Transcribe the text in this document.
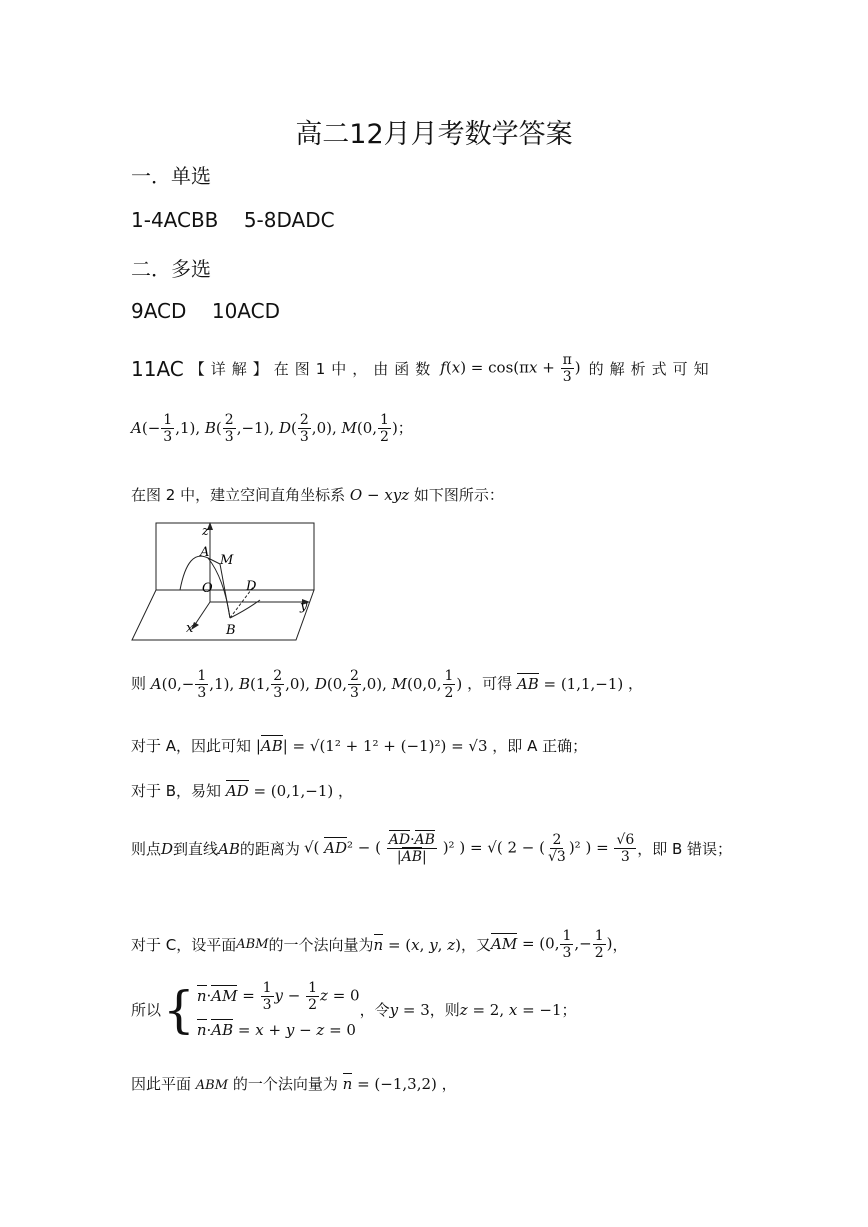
高二12月月考数学答案
一．单选
1-4ACBB    5-8DADC
二．多选
9ACD    10ACD
11AC 【详解】在图1中，由函数 $f(x) = \cos(\pi x + \frac{\pi}{3}$ ) 的解析式可知
$A(- \frac{1}{3} ,1)$, $B( \frac{2}{3} ,-1)$, $D( \frac{2}{3} ,0)$, M(0, $\frac{1}{2}$ )；
在图 2 中，建立空间直角坐标系 O − xyz 如下图所示：
z
A
M
O	D
y
x	B
则 $A(0,- \frac{1}{3} ,1)$, B(1, $\frac{2}{3} ,0$), D(0, $\frac{2}{3} ,0$), M(0,0, $\frac{1}{2}$ ) ，可得 AB = (1,1,−1) ，
对于 A，因此可知 |AB| = √(1² + 1² + (−1)²) = √3 ，即 A 正确；
对于 B，易知 AD = (0,1,−1) ，
则点 D 到直线 AB 的距离为 √( AD² − ( $\frac{AD\cdot AB}{|AB|} )^2$ ) = √( 2 − ( $\frac{2}{√3} )^2$ ) = $\frac{√6}{3}$ ，即 B 错误；
对于 C，设平面 ABM 的一个法向量为 n = (x, y, z) ，又 AM = (0, $\frac{1}{3}$ ,− $\frac{1}{2}$ ) ，
所以 { $n\cdot AM = \frac{1}{3}$ $y - \frac{1}{2}$ z = 0
n·AB = x + y − z = 0
，令 y = 3 ，则 z = 2, x = −1 ；
因此平面 ABM 的一个法向量为 n = (−1,3,2) ，
